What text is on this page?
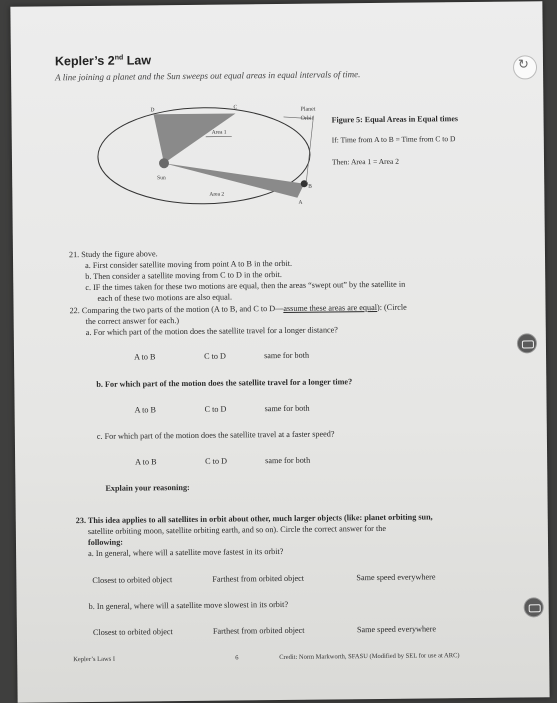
Kepler’s 2nd Law
A line joining a planet and the Sun sweeps out equal areas in equal intervals of time.
↻
C
D
B
A
Area 1
Area 2
Sun
Planet
Orbit Figure 5: Equal Areas in Equal times
If: Time from A to B = Time from C to D
Then: Area 1 = Area 2
21. Study the figure above.
a. First consider satellite moving from point A to B in the orbit.
b. Then consider a satellite moving from C to D in the orbit.
c. IF the times taken for these two motions are equal, then the areas “swept out” by the satellite in
each of these two motions are also equal.
22. Comparing the two parts of the motion (A to B, and C to D—assume these areas are equal): (Circle
the correct answer for each.)
a. For which part of the motion does the satellite travel for a longer distance?
A to B	C to D	same for both
b. For which part of the motion does the satellite travel for a longer time?
A to B	C to D	same for both
c. For which part of the motion does the satellite travel at a faster speed?
A to B	C to D	same for both
Explain your reasoning:
23. This idea applies to all satellites in orbit about other, much larger objects (like: planet orbiting sun,
satellite orbiting moon, satellite orbiting earth, and so on). Circle the correct answer for the
following:
a. In general, where will a satellite move fastest in its orbit?
Closest to orbited object	Farthest from orbited object	Same speed everywhere
b. In general, where will a satellite move slowest in its orbit?
Closest to orbited object	Farthest from orbited object	Same speed everywhere
Kepler’s Laws I	6	Credit: Norm Markworth, SFASU (Modified by SEL for use at ARC)
